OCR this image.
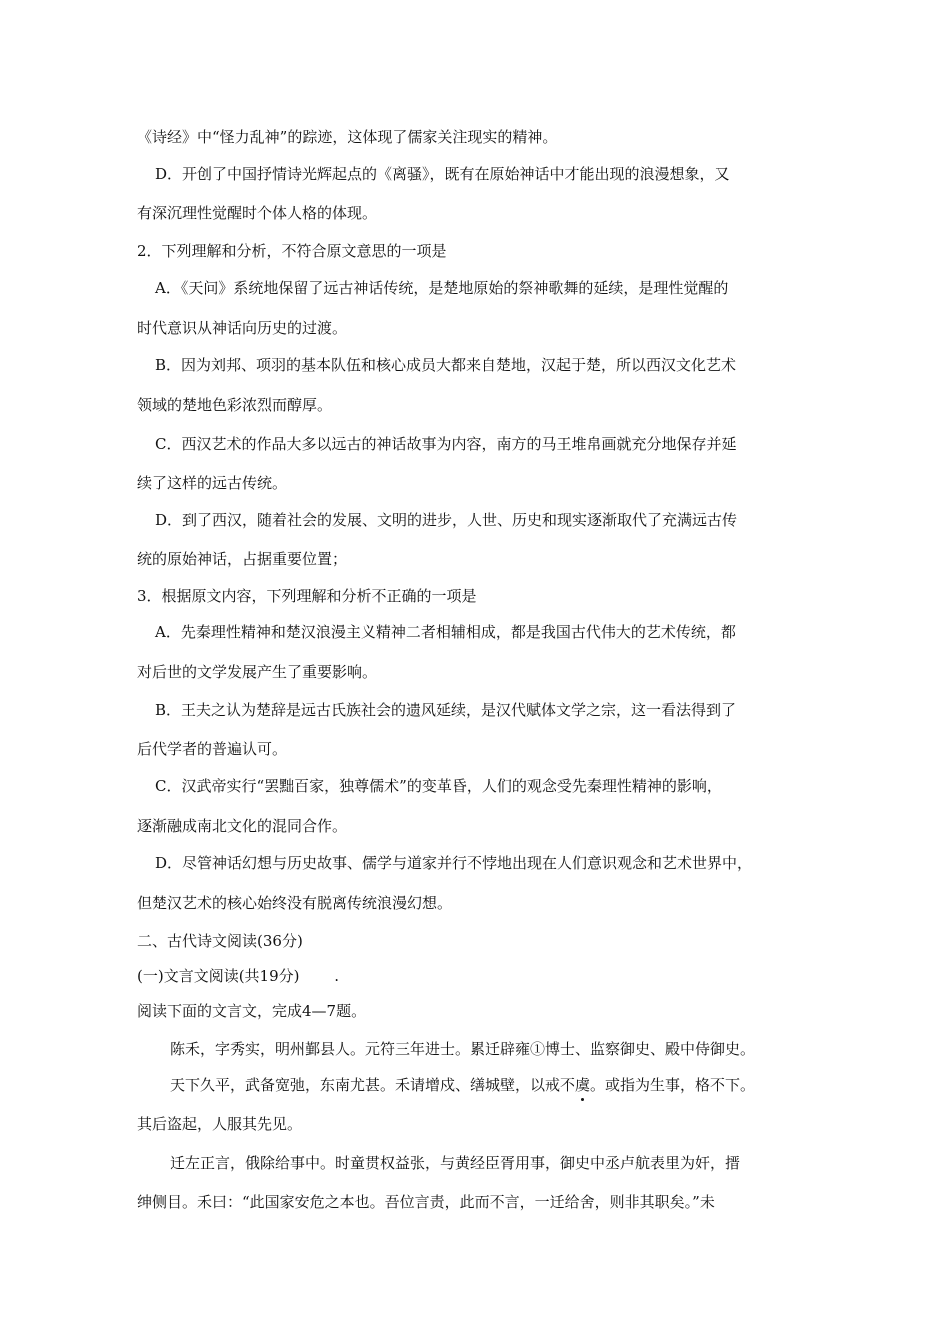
《诗经》中“怪力乱神”的踪迹，这体现了儒家关注现实的精神。
D．开创了中国抒情诗光辉起点的《离骚》，既有在原始神话中才能出现的浪漫想象，又
有深沉理性觉醒时个体人格的体现。
2．下列理解和分析，不符合原文意思的一项是
A．《天问》系统地保留了远古神话传统，是楚地原始的祭神歌舞的延续，是理性觉醒的
时代意识从神话向历史的过渡。
B．因为刘邦、项羽的基本队伍和核心成员大都来自楚地，汉起于楚，所以西汉文化艺术
领域的楚地色彩浓烈而醇厚。
C．西汉艺术的作品大多以远古的神话故事为内容，南方的马王堆帛画就充分地保存并延
续了这样的远古传统。
D．到了西汉，随着社会的发展、文明的进步，人世、历史和现实逐渐取代了充满远古传
统的原始神话，占据重要位置；
3．根据原文内容，下列理解和分析不正确的一项是
A．先秦理性精神和楚汉浪漫主义精神二者相辅相成，都是我国古代伟大的艺术传统，都
对后世的文学发展产生了重要影响。
B．王夫之认为楚辞是远古氏族社会的遗风延续，是汉代赋体文学之宗，这一看法得到了
后代学者的普遍认可。
C．汉武帝实行“罢黜百家，独尊儒术”的变革昏，人们的观念受先秦理性精神的影响，
逐渐融成南北文化的混同合作。
D．尽管神话幻想与历史故事、儒学与道家并行不悖地出现在人们意识观念和艺术世界中，
但楚汉艺术的核心始终没有脱离传统浪漫幻想。
二、古代诗文阅读(36分)
(一)文言文阅读(共19分)　　 .
阅读下面的文言文，完成4—7题。
陈禾，字秀实，明州鄞县人。元符三年进士。累迁辟雍①博士、监察御史、殿中侍御史。
天下久平，武备宽弛，东南尤甚。禾请增戍、缮城壁，以戒不虞。或指为生事，格不下。
其后盗起，人服其先见。
迁左正言，俄除给事中。时童贯权益张，与黄经臣胥用事，御史中丞卢航表里为奸，搢
绅侧目。禾曰：“此国家安危之本也。吾位言责，此而不言，一迁给舍，则非其职矣。”未
